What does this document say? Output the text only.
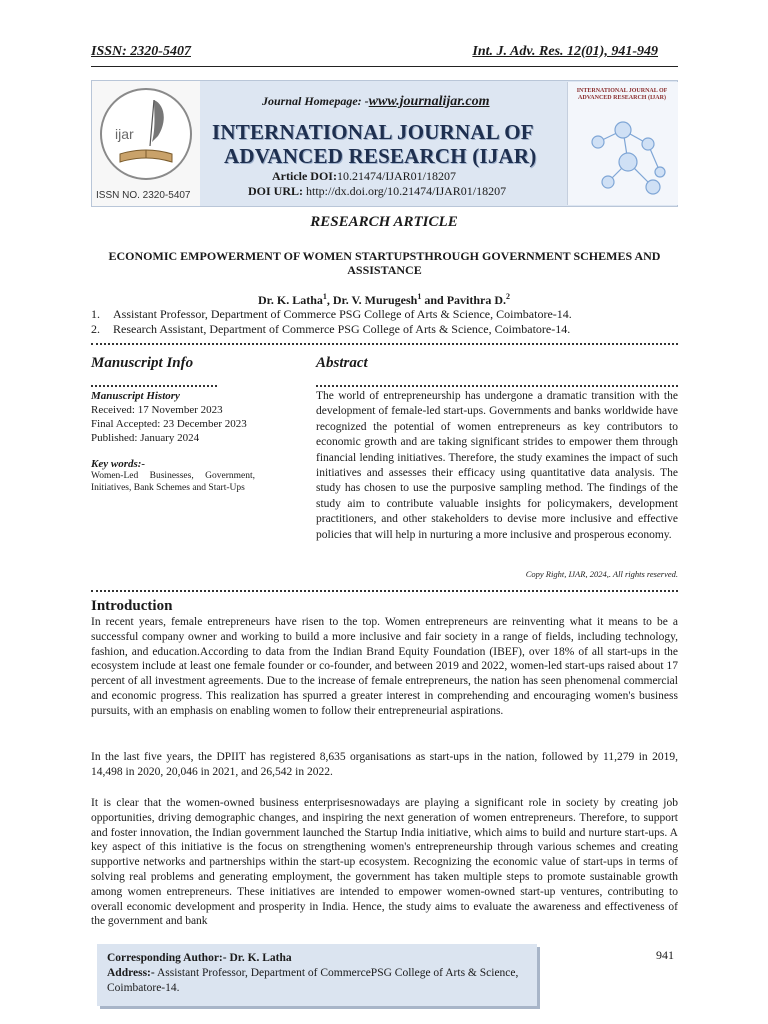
ISSN: 2320-5407	Int. J. Adv. Res. 12(01), 941-949
ijar
ISSN NO. 2320-5407
INTERNATIONAL JOURNAL OF ADVANCED RESEARCH (IJAR)
Journal Homepage: -www.journalijar.com
INTERNATIONAL JOURNAL OF
ADVANCED RESEARCH (IJAR)
Article DOI:10.21474/IJAR01/18207
DOI URL: http://dx.doi.org/10.21474/IJAR01/18207
RESEARCH ARTICLE
ECONOMIC EMPOWERMENT OF WOMEN STARTUPSTHROUGH GOVERNMENT SCHEMES AND ASSISTANCE
Dr. K. Latha$^1$, Dr. V. Murugesh$^1$ and Pavithra D.$^2$
1. Assistant Professor, Department of Commerce PSG College of Arts & Science, Coimbatore-14.
2. Research Assistant, Department of Commerce PSG College of Arts & Science, Coimbatore-14.
Manuscript Info	Abstract
Manuscript History
Received: 17 November 2023
Final Accepted: 23 December 2023
Published: January 2024
Key words:-
Women-Led Businesses, Government, Initiatives, Bank Schemes and Start-Ups
The world of entrepreneurship has undergone a dramatic transition with the development of female-led start-ups. Governments and banks worldwide have recognized the potential of women entrepreneurs as key contributors to economic growth and are taking significant strides to empower them through financial lending initiatives. Therefore, the study examines the impact of such initiatives and assesses their efficacy using quantitative data analysis. The study has chosen to use the purposive sampling method. The findings of the study aim to contribute valuable insights for policymakers, development practitioners, and other stakeholders to devise more inclusive and effective policies that will help in nurturing a more inclusive and prosperous economy.
Copy Right, IJAR, 2024,. All rights reserved.
Introduction
In recent years, female entrepreneurs have risen to the top. Women entrepreneurs are reinventing what it means to be a successful company owner and working to build a more inclusive and fair society in a range of fields, including technology, fashion, and education.According to data from the Indian Brand Equity Foundation (IBEF), over 18% of all start-ups in the ecosystem include at least one female founder or co-founder, and between 2019 and 2022, women-led start-ups raised about 17 percent of all investment agreements. Due to the increase of female entrepreneurs, the nation has seen phenomenal commercial and economic progress. This realization has spurred a greater interest in comprehending and encouraging women's business pursuits, with an emphasis on enabling women to follow their entrepreneurial aspirations.
In the last five years, the DPIIT has registered 8,635 organisations as start-ups in the nation, followed by 11,279 in 2019, 14,498 in 2020, 20,046 in 2021, and 26,542 in 2022.
It is clear that the women-owned business enterprisesnowadays are playing a significant role in society by creating job opportunities, driving demographic changes, and inspiring the next generation of women entrepreneurs. Therefore, to support and foster innovation, the Indian government launched the Startup India initiative, which aims to build and nurture start-ups. A key aspect of this initiative is the focus on strengthening women's entrepreneurship through various schemes and creating supportive networks and partnerships within the start-up ecosystem. Recognizing the economic value of start-ups in terms of solving real problems and generating employment, the government has taken multiple steps to promote sustainable growth among women entrepreneurs. These initiatives are intended to empower women-owned start-up ventures, contributing to overall economic development and prosperity in India. Hence, the study aims to evaluate the awareness and effectiveness of the government and bank
Corresponding Author:- Dr. K. Latha
Address:- Assistant Professor, Department of CommercePSG College of Arts & Science, Coimbatore-14.
941
